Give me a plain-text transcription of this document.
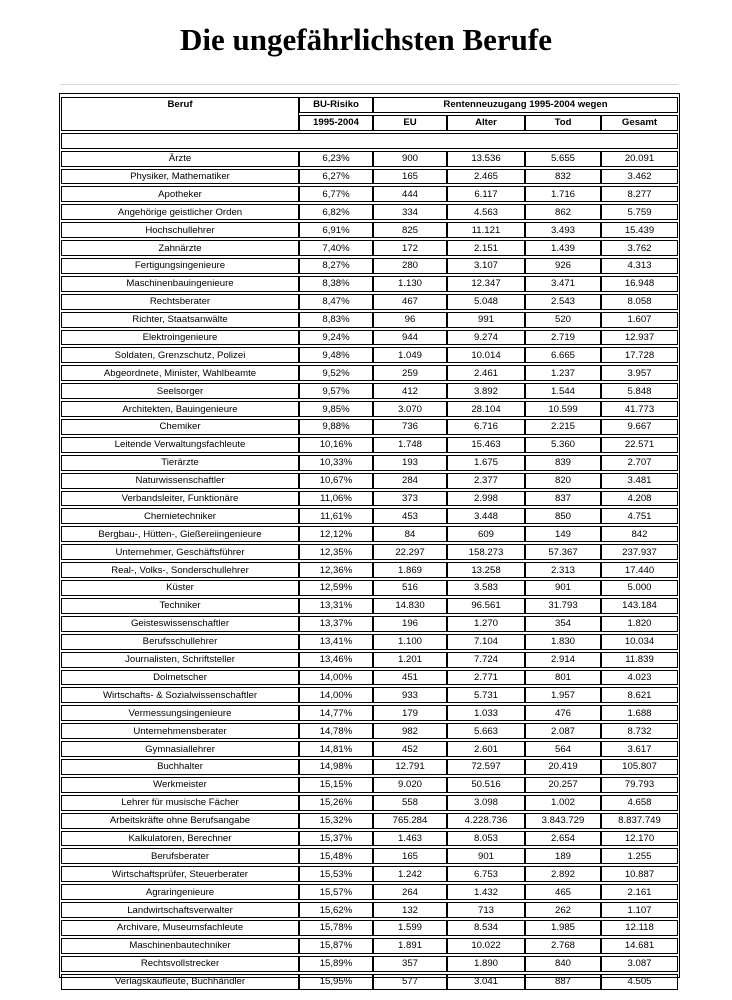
Die ungefährlichsten Berufe
Beruf	BU-Risiko	Rentenneuzugang 1995-2004 wegen			
	1995-2004	EU	Alter	Tod	Gesamt

Ärzte	6,23%	900	13.536	5.655	20.091
Physiker, Mathematiker	6,27%	165	2.465	832	3.462
Apotheker	6,77%	444	6.117	1.716	8.277
Angehörige geistlicher Orden	6,82%	334	4.563	862	5.759
Hochschullehrer	6,91%	825	11.121	3.493	15.439
Zahnärzte	7,40%	172	2.151	1.439	3.762
Fertigungsingenieure	8,27%	280	3.107	926	4.313
Maschinenbauingenieure	8,38%	1.130	12.347	3.471	16.948
Rechtsberater	8,47%	467	5.048	2.543	8.058
Richter, Staatsanwälte	8,83%	96	991	520	1.607
Elektroingenieure	9,24%	944	9.274	2.719	12.937
Soldaten, Grenzschutz, Polizei	9,48%	1.049	10.014	6.665	17.728
Abgeordnete, Minister, Wahlbeamte	9,52%	259	2.461	1.237	3.957
Seelsorger	9,57%	412	3.892	1.544	5.848
Architekten, Bauingenieure	9,85%	3.070	28.104	10.599	41.773
Chemiker	9,88%	736	6.716	2.215	9.667
Leitende Verwaltungsfachleute	10,16%	1.748	15.463	5.360	22.571
Tierärzte	10,33%	193	1.675	839	2.707
Naturwissenschaftler	10,67%	284	2.377	820	3.481
Verbandsleiter, Funktionäre	11,06%	373	2.998	837	4.208
Chemietechniker	11,61%	453	3.448	850	4.751
Bergbau-, Hütten-, Gießereiingenieure	12,12%	84	609	149	842
Unternehmer, Geschäftsführer	12,35%	22.297	158.273	57.367	237.937
Real-, Volks-, Sonderschullehrer	12,36%	1.869	13.258	2.313	17.440
Küster	12,59%	516	3.583	901	5.000
Techniker	13,31%	14.830	96.561	31.793	143.184
Geisteswissenschaftler	13,37%	196	1.270	354	1.820
Berufsschullehrer	13,41%	1.100	7.104	1.830	10.034
Journalisten, Schriftsteller	13,46%	1.201	7.724	2.914	11.839
Dolmetscher	14,00%	451	2.771	801	4.023
Wirtschafts- & Sozialwissenschaftler	14,00%	933	5.731	1.957	8.621
Vermessungsingenieure	14,77%	179	1.033	476	1.688
Unternehmensberater	14,78%	982	5.663	2.087	8.732
Gymnasiallehrer	14,81%	452	2.601	564	3.617
Buchhalter	14,98%	12.791	72.597	20.419	105.807
Werkmeister	15,15%	9.020	50.516	20.257	79.793
Lehrer für musische Fächer	15,26%	558	3.098	1.002	4.658
Arbeitskräfte ohne Berufsangabe	15,32%	765.284	4.228.736	3.843.729	8.837.749
Kalkulatoren, Berechner	15,37%	1.463	8.053	2.654	12.170
Berufsberater	15,48%	165	901	189	1.255
Wirtschaftsprüfer, Steuerberater	15,53%	1.242	6.753	2.892	10.887
Agraringenieure	15,57%	264	1.432	465	2.161
Landwirtschaftsverwalter	15,62%	132	713	262	1.107
Archivare, Museumsfachleute	15,78%	1.599	8.534	1.985	12.118
Maschinenbautechniker	15,87%	1.891	10.022	2.768	14.681
Rechtsvollstrecker	15,89%	357	1.890	840	3.087
Verlagskaufleute, Buchhändler	15,95%	577	3.041	887	4.505
